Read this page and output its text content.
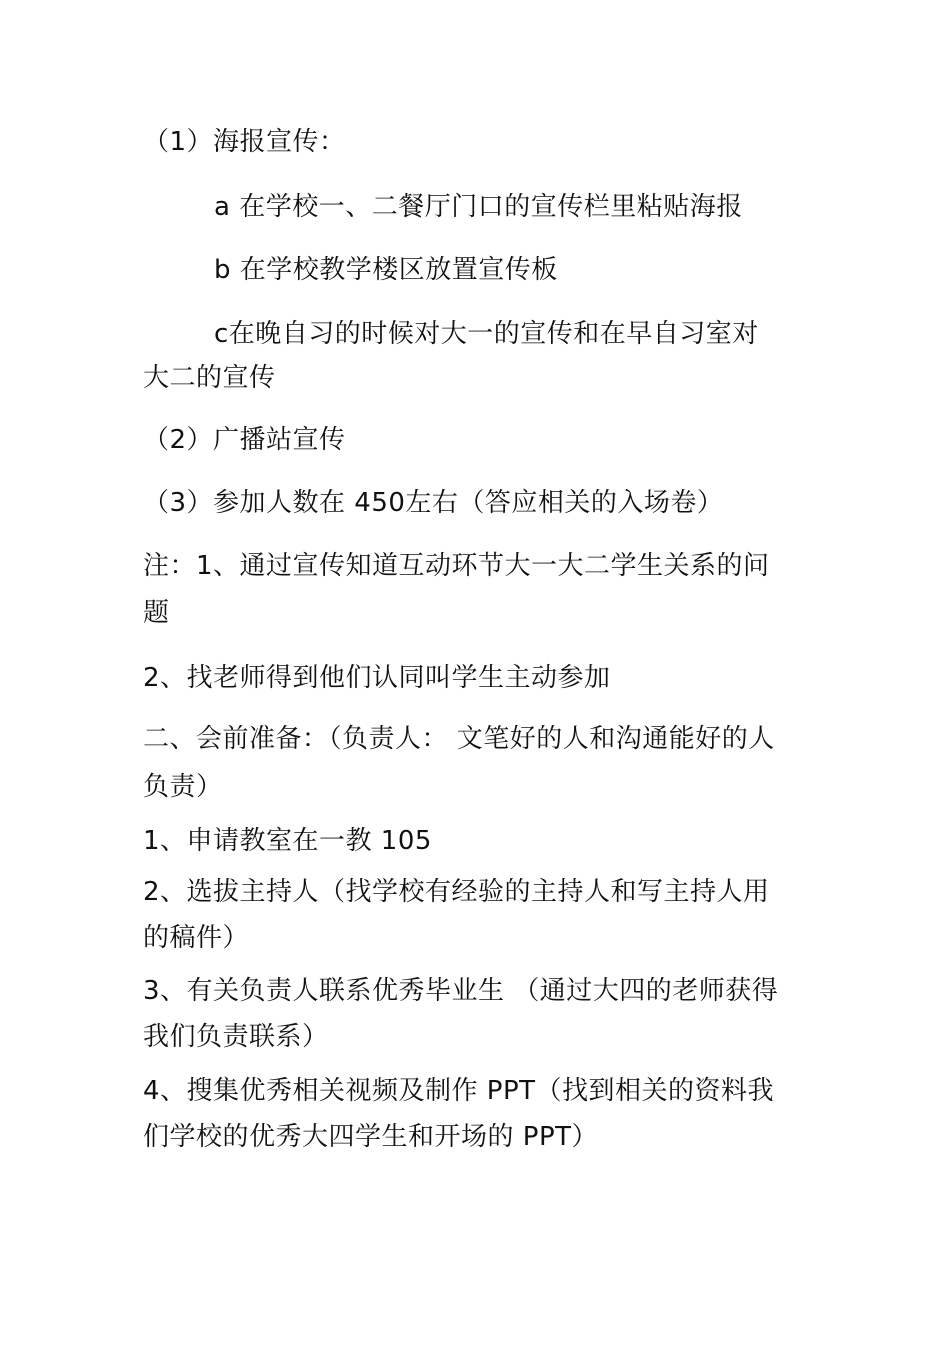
（1）海报宣传：
a 在学校一、二餐厅门口的宣传栏里粘贴海报
b 在学校教学楼区放置宣传板
c在晚自习的时候对大一的宣传和在早自习室对
大二的宣传
（2）广播站宣传
（3）参加人数在 450左右（答应相关的入场卷）
注：1、通过宣传知道互动环节大一大二学生关系的问
题
2、找老师得到他们认同叫学生主动参加
二、会前准备：（负责人： 文笔好的人和沟通能好的人
负责）
1、申请教室在一教 105
2、选拔主持人（找学校有经验的主持人和写主持人用
的稿件）
3、有关负责人联系优秀毕业生 （通过大四的老师获得
我们负责联系）
4、搜集优秀相关视频及制作 PPT（找到相关的资料我
们学校的优秀大四学生和开场的 PPT）
